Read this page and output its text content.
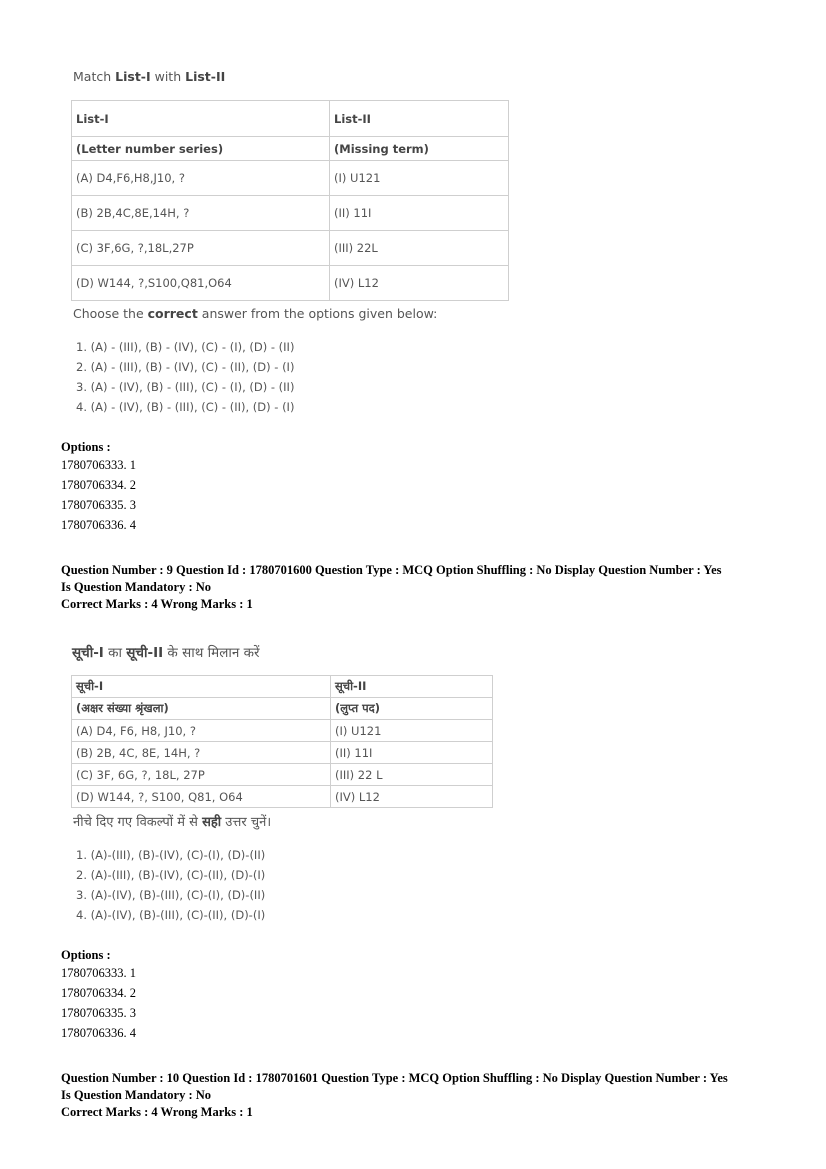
Match List-I with List-II
List-I	List-II
(Letter number series)	(Missing term)
(A) D4,F6,H8,J10, ?	(I) U121
(B) 2B,4C,8E,14H, ?	(II) 11I
(C) 3F,6G, ?,18L,27P	(III) 22L
(D) W144, ?,S100,Q81,O64	(IV) L12
Choose the correct answer from the options given below:
1. (A) - (III), (B) - (IV), (C) - (I), (D) - (II)
2. (A) - (III), (B) - (IV), (C) - (II), (D) - (I)
3. (A) - (IV), (B) - (III), (C) - (I), (D) - (II)
4. (A) - (IV), (B) - (III), (C) - (II), (D) - (I)
Options :
1780706333. 1
1780706334. 2
1780706335. 3
1780706336. 4
Question Number : 9 Question Id : 1780701600 Question Type : MCQ Option Shuffling : No Display Question Number : Yes
Is Question Mandatory : No
Correct Marks : 4 Wrong Marks : 1
सूची-I का सूची-II के साथ मिलान करें
सूची-I	सूची-II
(अक्षर संख्या श्रृंखला)	(लुप्त पद)
(A) D4, F6, H8, J10, ?	(I) U121
(B) 2B, 4C, 8E, 14H, ?	(II) 11I
(C) 3F, 6G, ?, 18L, 27P	(III) 22 L
(D) W144, ?, S100, Q81, O64	(IV) L12
नीचे दिए गए विकल्पों में से सही उत्तर चुनें।
1. (A)-(III), (B)-(IV), (C)-(I), (D)-(II)
2. (A)-(III), (B)-(IV), (C)-(II), (D)-(I)
3. (A)-(IV), (B)-(III), (C)-(I), (D)-(II)
4. (A)-(IV), (B)-(III), (C)-(II), (D)-(I)
Options :
1780706333. 1
1780706334. 2
1780706335. 3
1780706336. 4
Question Number : 10 Question Id : 1780701601 Question Type : MCQ Option Shuffling : No Display Question Number : Yes
Is Question Mandatory : No
Correct Marks : 4 Wrong Marks : 1
